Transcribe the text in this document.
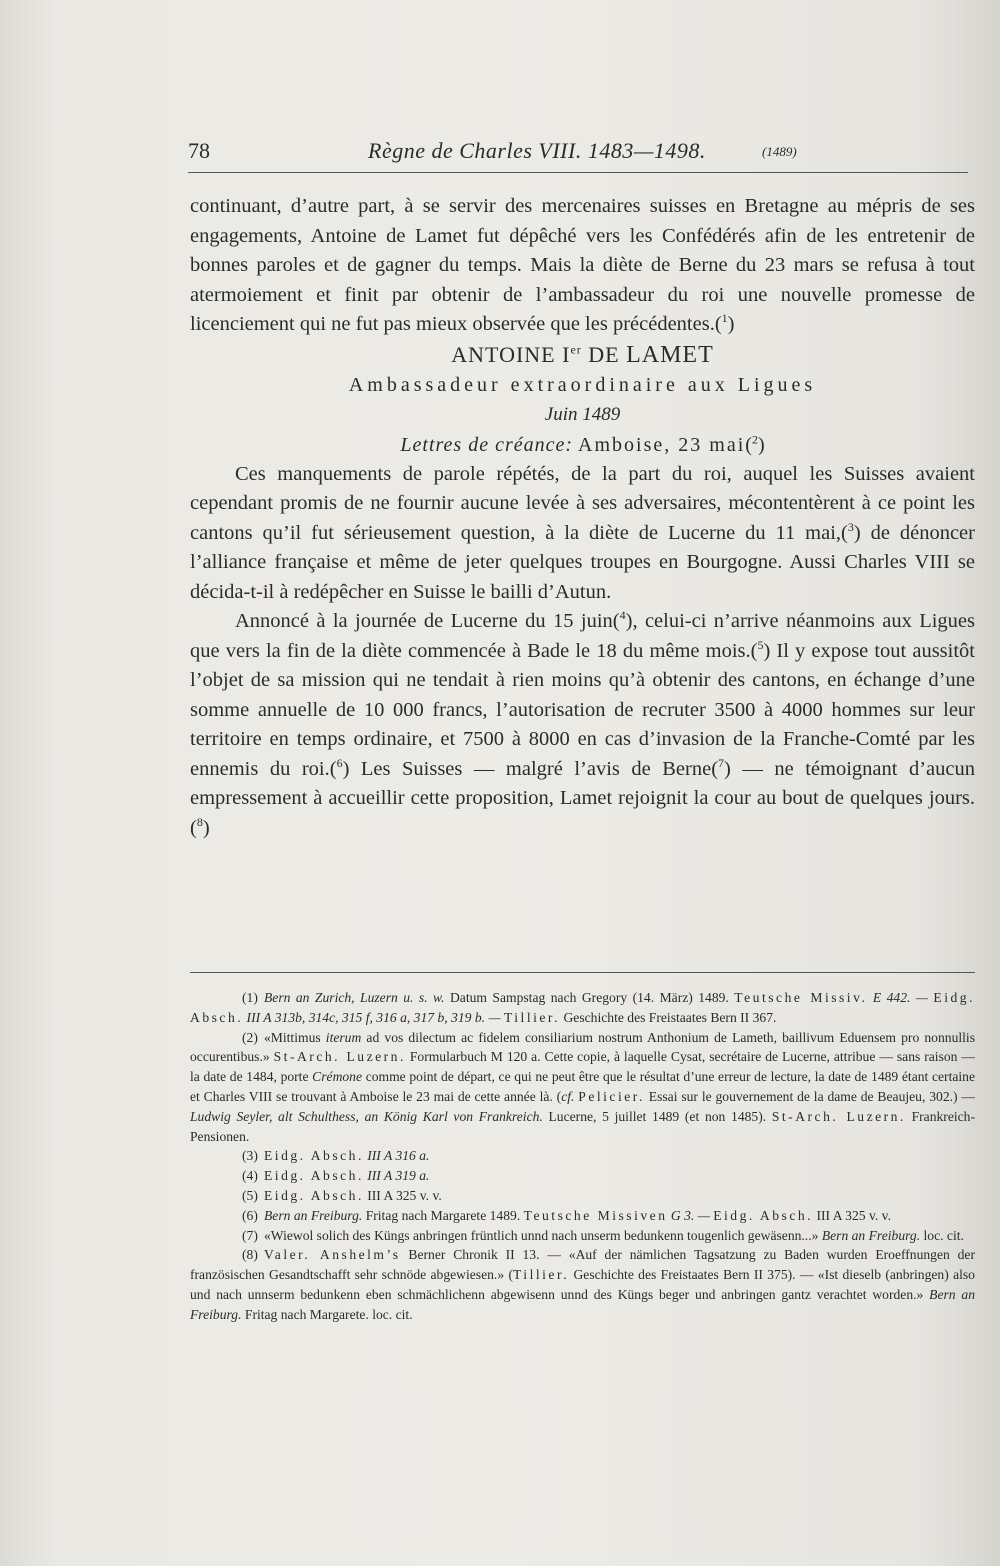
78	Règne de Charles VIII. 1483—1498.	(1489)

continuant, d’autre part, à se servir des mercenaires suisses en Bretagne au mépris de ses engagements, Antoine de Lamet fut dépêché vers les Confédérés afin de les entretenir de bonnes paroles et de gagner du temps. Mais la diète de Berne du 23 mars se refusa à tout atermoiement et finit par obtenir de l’ambassadeur du roi une nouvelle promesse de licenciement qui ne fut pas mieux observée que les précédentes.($^1$)

ANTOINE Ier DE LAMET

Ambassadeur extraordinaire aux Ligues

Juin 1489

Lettres de créance: Amboise, 23 mai($^2$)

Ces manquements de parole répétés, de la part du roi, auquel les Suisses avaient cependant promis de ne fournir aucune levée à ses adversaires, mécontentèrent à ce point les cantons qu’il fut sérieusement question, à la diète de Lucerne du 11 mai,($^3$) de dénoncer l’alliance française et même de jeter quelques troupes en Bourgogne. Aussi Charles VIII se décida-t-il à redépêcher en Suisse le bailli d’Autun.

Annoncé à la journée de Lucerne du 15 juin($^4$), celui-ci n’arrive néanmoins aux Ligues que vers la fin de la diète commencée à Bade le 18 du même mois.($^5$) Il y expose tout aussitôt l’objet de sa mission qui ne tendait à rien moins qu’à obtenir des cantons, en échange d’une somme annuelle de 10 000 francs, l’autorisation de recruter 3500 à 4000 hommes sur leur territoire en temps ordinaire, et 7500 à 8000 en cas d’invasion de la Franche-Comté par les ennemis du roi.($^6$) Les Suisses — malgré l’avis de Berne($^7$) — ne témoignant d’aucun empressement à accueillir cette proposition, Lamet rejoignit la cour au bout de quelques jours.($^8$)

(1) Bern an Zurich, Luzern u. s. w. Datum Sampstag nach Gregory (14. März) 1489. Teutsche Missiv. E 442. — Eidg. Absch. III A 313b, 314c, 315 f, 316 a, 317 b, 319 b. — Tillier. Geschichte des Freistaates Bern II 367.

(2) «Mittimus iterum ad vos dilectum ac fidelem consiliarium nostrum Anthonium de Lameth, baillivum Eduensem pro nonnullis occurentibus.» St-Arch. Luzern. Formularbuch M 120 a. Cette copie, à laquelle Cysat, secrétaire de Lucerne, attribue — sans raison — la date de 1484, porte Crémone comme point de départ, ce qui ne peut être que le résultat d’une erreur de lecture, la date de 1489 étant certaine et Charles VIII se trouvant à Amboise le 23 mai de cette année là. (cf. Pelicier. Essai sur le gouvernement de la dame de Beaujeu, 302.) — Ludwig Seyler, alt Schulthess, an König Karl von Frankreich. Lucerne, 5 juillet 1489 (et non 1485). St-Arch. Luzern. Frankreich-Pensionen.

(3) Eidg. Absch. III A 316 a.

(4) Eidg. Absch. III A 319 a.

(5) Eidg. Absch. III A 325 v. v.

(6) Bern an Freiburg. Fritag nach Margarete 1489. Teutsche Missiven G 3. — Eidg. Absch. III A 325 v. v.

(7) «Wiewol solich des Küngs anbringen früntlich unnd nach unserm bedunkenn tougenlich gewäsenn...» Bern an Freiburg. loc. cit.

(8) Valer. Anshelm’s Berner Chronik II 13. — «Auf der nämlichen Tagsatzung zu Baden wurden Eroeffnungen der französischen Gesandtschafft sehr schnöde abgewiesen.» (Tillier. Geschichte des Freistaates Bern II 375). — «Ist dieselb (anbringen) also und nach unnserm bedunkenn eben schmächlichenn abgewisenn unnd des Küngs beger und anbringen gantz verachtet worden.» Bern an Freiburg. Fritag nach Margarete. loc. cit.
